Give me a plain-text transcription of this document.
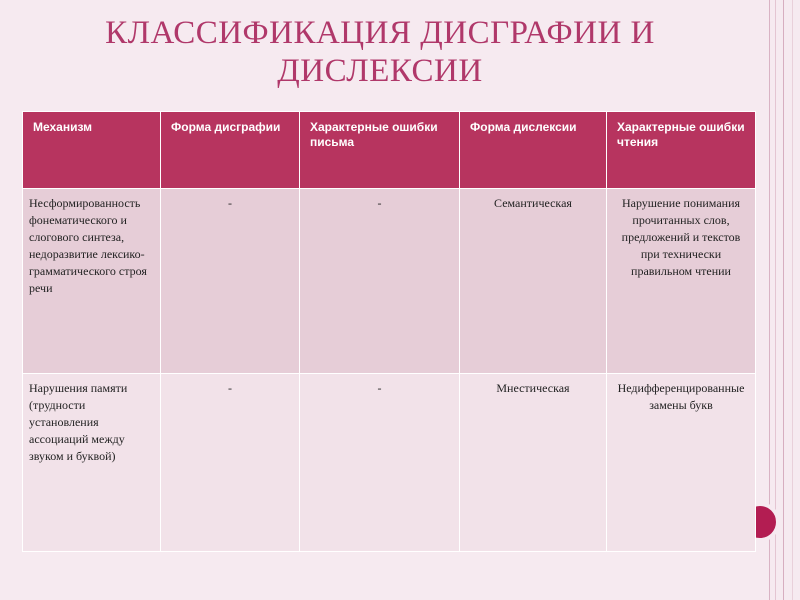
КЛАССИФИКАЦИЯ ДИСГРАФИИ И ДИСЛЕКСИИ
Механизм	Форма дисграфии	Характерные ошибки письма	Форма дислексии	Характерные ошибки чтения
Несформированность фонематического и слогового синтеза, недоразвитие лексико-грамматического строя речи	-	-	Семантическая	Нарушение понимания прочитанных слов, предложений и текстов при технически правильном чтении
Нарушения памяти (трудности установления ассоциаций между звуком и буквой)	-	-	Мнестическая	Недифференцированные замены букв
